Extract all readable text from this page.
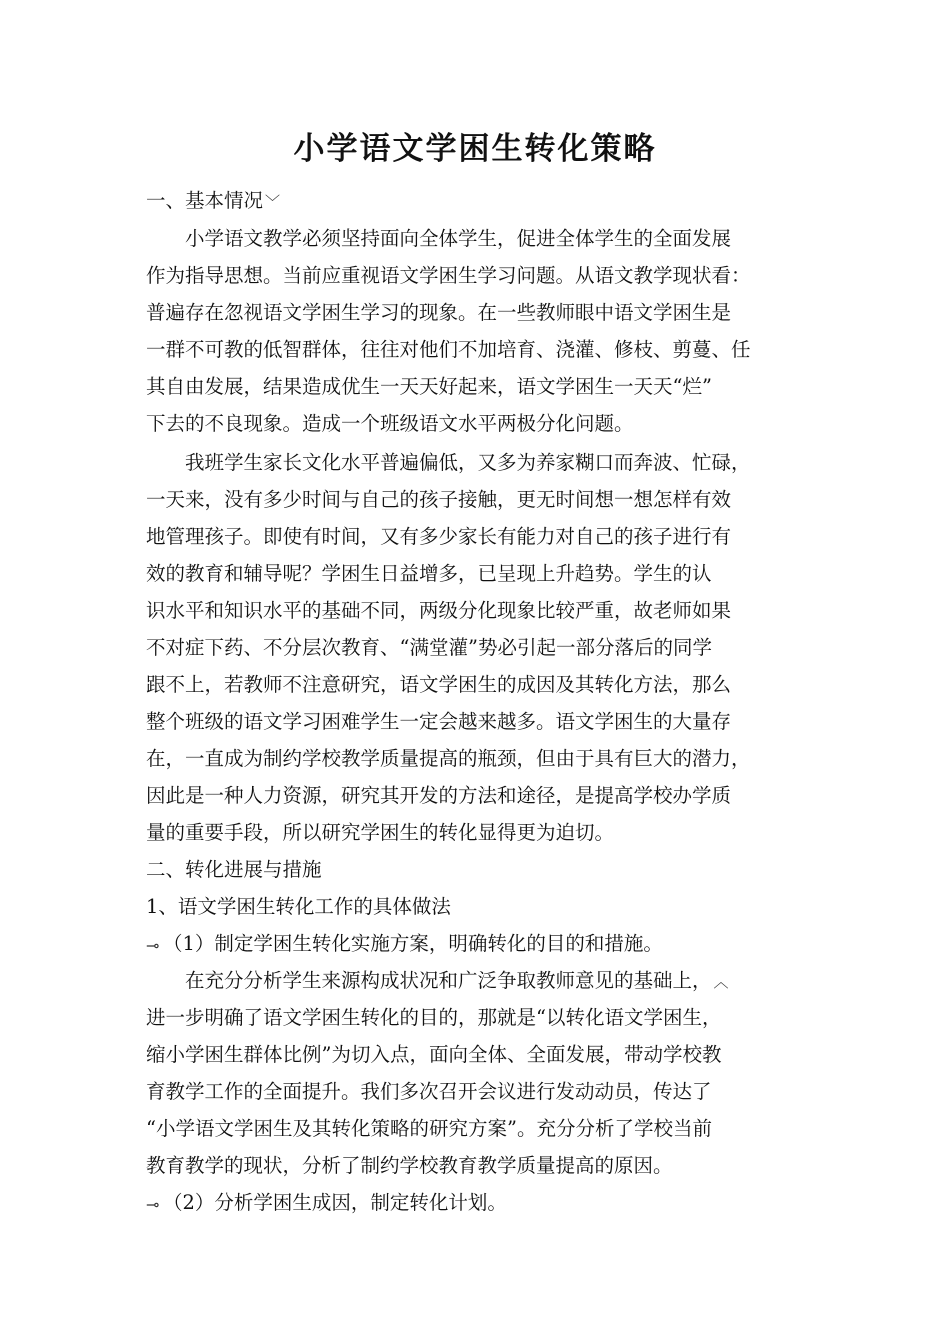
小学语文学困生转化策略
一、基本情况 ﹀
小学语文教学必须坚持面向全体学生，促进全体学生的全面发展
作为指导思想。当前应重视语文学困生学习问题。从语文教学现状看：
普遍存在忽视语文学困生学习的现象。在一些教师眼中语文学困生是
一群不可教的低智群体，往往对他们不加培育、浇灌、修枝、剪蔓、任
其自由发展，结果造成优生一天天好起来，语文学困生一天天“烂”
下去的不良现象。造成一个班级语文水平两极分化问题。
我班学生家长文化水平普遍偏低，又多为养家糊口而奔波、忙碌，
一天来，没有多少时间与自己的孩子接触，更无时间想一想怎样有效
地管理孩子。即使有时间，又有多少家长有能力对自己的孩子进行有
效的教育和辅导呢？学困生日益增多，已呈现上升趋势。学生的认
识水平和知识水平的基础不同，两级分化现象比较严重，故老师如果
不对症下药、不分层次教育、“满堂灌”势必引起一部分落后的同学
跟不上，若教师不注意研究，语文学困生的成因及其转化方法，那么
整个班级的语文学习困难学生一定会越来越多。语文学困生的大量存
在，一直成为制约学校教学质量提高的瓶颈，但由于具有巨大的潜力，
因此是一种人力资源，研究其开发的方法和途径，是提高学校办学质
量的重要手段，所以研究学困生的转化显得更为迫切。
二、转化进展与措施
1、语文学困生转化工作的具体做法
⊸ （1）制定学困生转化实施方案，明确转化的目的和措施。
在充分分析学生来源构成状况和广泛争取教师意见的基础上， ︿
进一步明确了语文学困生转化的目的，那就是“以转化语文学困生，
缩小学困生群体比例”为切入点，面向全体、全面发展，带动学校教
育教学工作的全面提升。我们多次召开会议进行发动动员，传达了
“小学语文学困生及其转化策略的研究方案”。充分分析了学校当前
教育教学的现状，分析了制约学校教育教学质量提高的原因。
⊸ （2）分析学困生成因，制定转化计划。
